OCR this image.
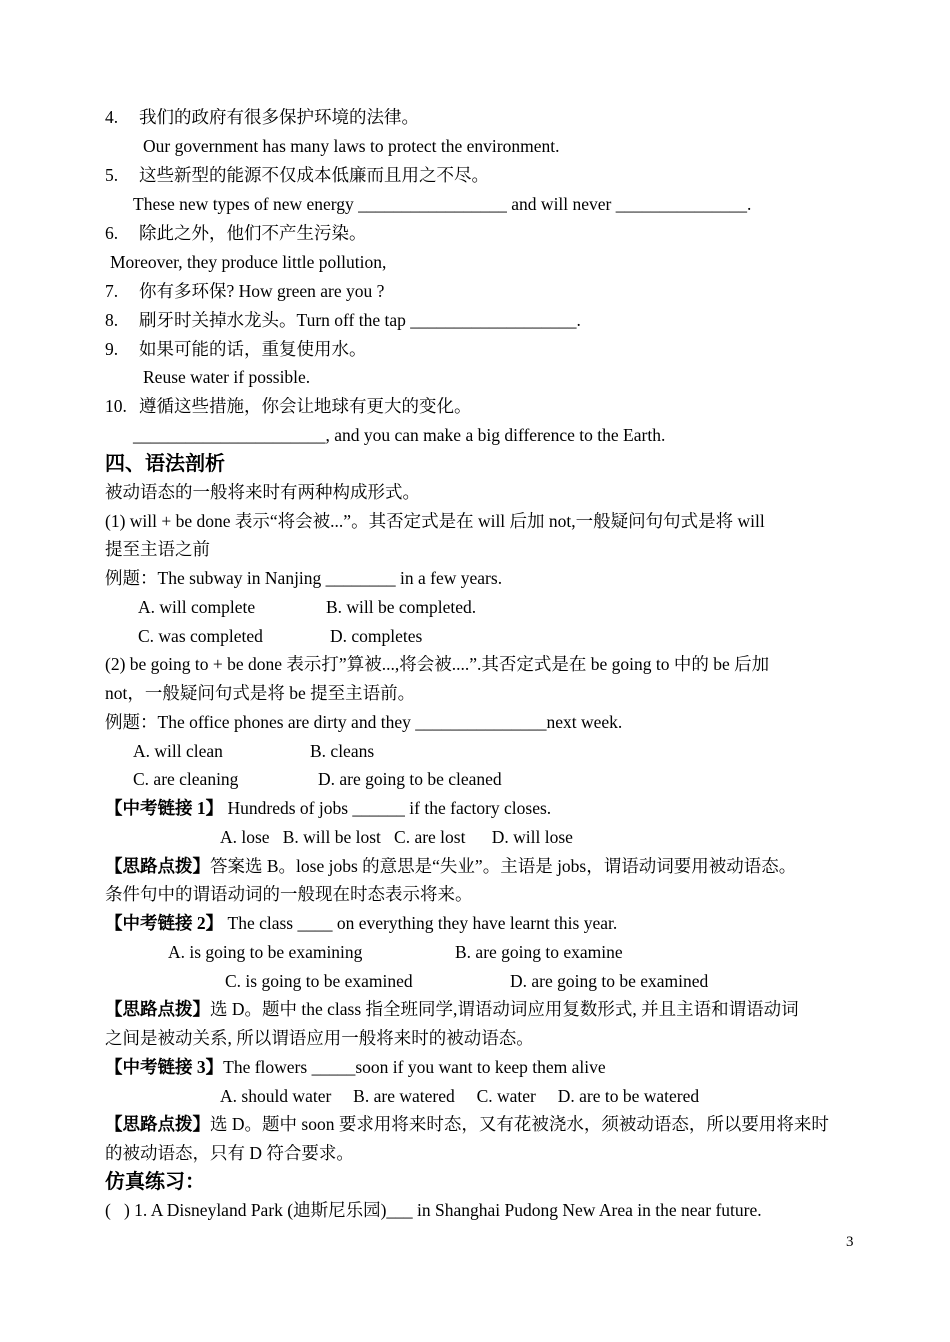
4. 我们的政府有很多保护环境的法律。
Our government has many laws to protect the environment.
5. 这些新型的能源不仅成本低廉而且用之不尽。
These new types of new energy _________________ and will never _______________.
6. 除此之外，他们不产生污染。
Moreover, they produce little pollution,
7. 你有多环保? How green are you ?
8. 刷牙时关掉水龙头。Turn off the tap ___________________.
9. 如果可能的话，重复使用水。
Reuse water if possible.
10. 遵循这些措施，你会让地球有更大的变化。
______________________, and you can make a big difference to the Earth.
四、语法剖析
被动语态的一般将来时有两种构成形式。
(1) will + be done 表示“将会被...”。其否定式是在 will 后加 not,一般疑问句句式是将 will
提至主语之前
例题：The subway in Nanjing ________ in a few years.
A. will complete	B. will be completed.
C. was completed	D. completes
(2) be going to + be done 表示打”算被...,将会被....”.其否定式是在 be going to 中的 be 后加
not，一般疑问句式是将 be 提至主语前。
例题：The office phones are dirty and they _______________next week.
A. will clean	B. cleans
C. are cleaning	D. are going to be cleaned
【中考链接 1】 Hundreds of jobs ______ if the factory closes.
A. lose   B. will be lost   C. are lost      D. will lose
【思路点拨】答案选 B。lose jobs 的意思是“失业”。主语是 jobs，谓语动词要用被动语态。
条件句中的谓语动词的一般现在时态表示将来。
【中考链接 2】 The class ____ on everything they have learnt this year.
A. is going to be examining	B. are going to examine
C. is going to be examined	D. are going to be examined
【思路点拨】选 D。题中 the class 指全班同学,谓语动词应用复数形式, 并且主语和谓语动词
之间是被动关系, 所以谓语应用一般将来时的被动语态。
【中考链接 3】The flowers _____soon if you want to keep them alive
A. should water     B. are watered     C. water     D. are to be watered
【思路点拨】选 D。题中 soon 要求用将来时态，又有花被浇水，须被动语态，所以要用将来时
的被动语态，只有 D 符合要求。
仿真练习：
(   ) 1. A Disneyland Park (迪斯尼乐园)___ in Shanghai Pudong New Area in the near future.
3
